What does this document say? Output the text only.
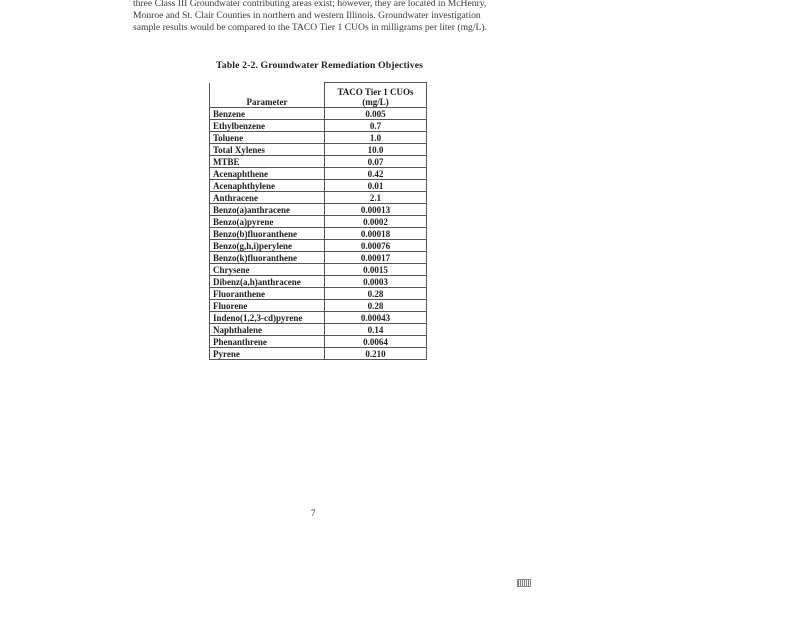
three Class III Groundwater contributing areas exist; however, they are located in McHenry,
Monroe and St. Clair Counties in northern and western Illinois. Groundwater investigation
sample results would be compared to the TACO Tier 1 CUOs in milligrams per liter (mg/L).
Table 2-2. Groundwater Remediation Objectives
Parameter	TACO Tier 1 CUOs (mg/L)
Benzene	0.005
Ethylbenzene	0.7
Toluene	1.0
Total Xylenes	10.0
MTBE	0.07
Acenaphthene	0.42
Acenaphthylene	0.01
Anthracene	2.1
Benzo(a)anthracene	0.00013
Benzo(a)pyrene	0.0002
Benzo(b)fluoranthene	0.00018
Benzo(g,h,i)perylene	0.00076
Benzo(k)fluoranthene	0.00017
Chrysene	0.0015
Dibenz(a,h)anthracene	0.0003
Fluoranthene	0.28
Fluorene	0.28
Indeno(1,2,3-cd)pyrene	0.00043
Naphthalene	0.14
Phenanthrene	0.0064
Pyrene	0.210
7
